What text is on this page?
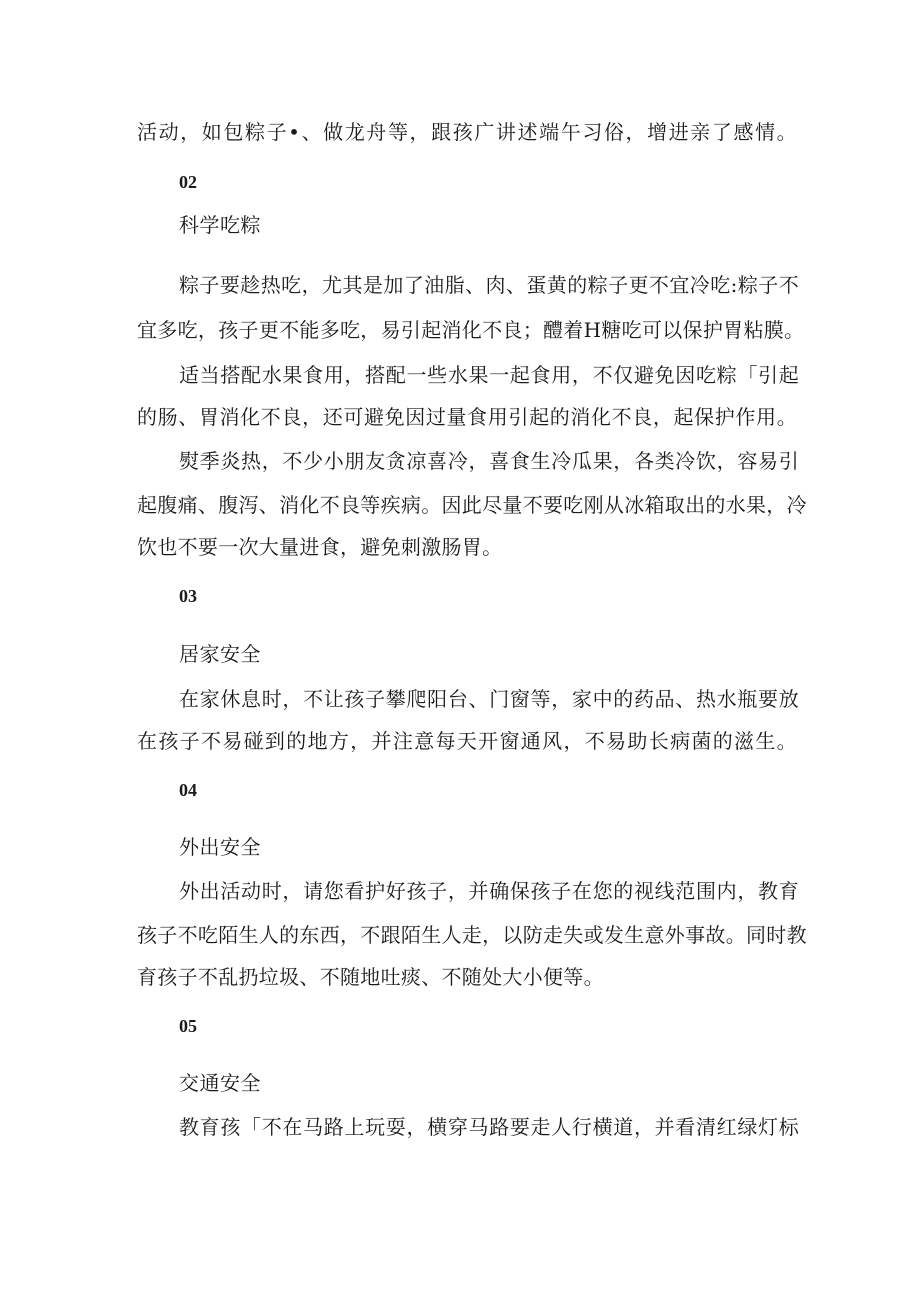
活动，如包粽子•、做龙舟等，跟孩广讲述端午习俗，增进亲了感情。
02
科学吃粽
粽子要趁热吃，尤其是加了油脂、肉、蛋黄的粽子更不宜冷吃:粽子不
宜多吃，孩子更不能多吃，易引起消化不良；醴着H糖吃可以保护胃粘膜。
适当搭配水果食用，搭配一些水果一起食用，不仅避免因吃粽「引起
的肠、胃消化不良，还可避免因过量食用引起的消化不良，起保护作用。
熨季炎热，不少小朋友贪凉喜冷，喜食生冷瓜果，各类冷饮，容易引
起腹痛、腹泻、消化不良等疾病。因此尽量不要吃刚从冰箱取出的水果，冷
饮也不要一次大量进食，避免刺激肠胃。
03
居家安全
在家休息时，不让孩子攀爬阳台、门窗等，家中的药品、热水瓶要放
在孩子不易碰到的地方，并注意每天开窗通风，不易助长病菌的滋生。
04
外出安全
外出活动时，请您看护好孩子，并确保孩子在您的视线范围内，教育
孩子不吃陌生人的东西，不跟陌生人走，以防走失或发生意外事故。同时教
育孩子不乱扔垃圾、不随地吐痰、不随处大小便等。
05
交通安全
教育孩「不在马路上玩耍，横穿马路要走人行横道，并看清红绿灯标
